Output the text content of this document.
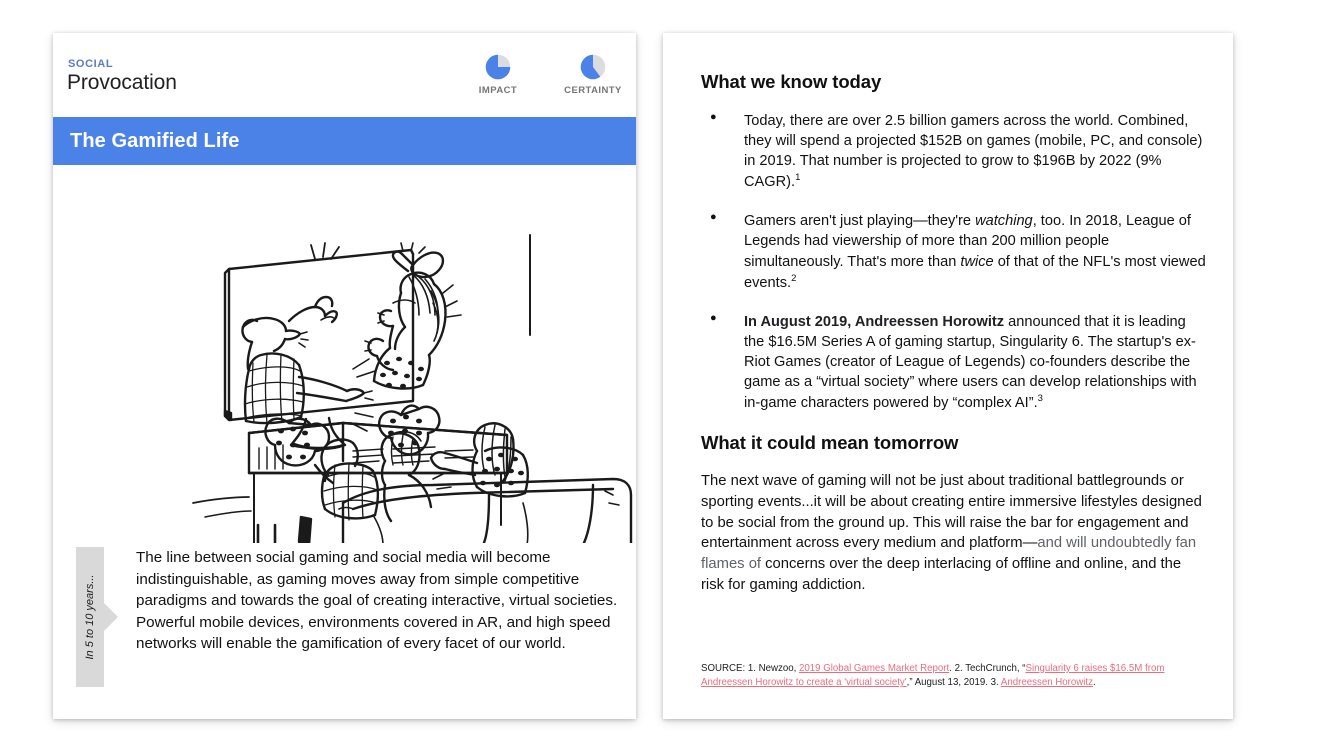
SOCIAL
Provocation	IMPACT	CERTAINTY
The Gamified Life
In 5 to 10 years...
The line between social gaming and social media will become indistinguishable, as gaming moves away from simple competitive paradigms and towards the goal of creating interactive, virtual societies. Powerful mobile devices, environments covered in AR, and high speed networks will enable the gamification of every facet of our world.
What we know today
● Today, there are over 2.5 billion gamers across the world. Combined, they will spend a projected $152B on games (mobile, PC, and console) in 2019. That number is projected to grow to $196B by 2022 (9% CAGR).$^1$
● Gamers aren't just playing—they're watching, too. In 2018, League of Legends had viewership of more than 200 million people simultaneously. That's more than twice of that of the NFL's most viewed events.$^2$
● In August 2019, Andreessen Horowitz announced that it is leading the $16.5M Series A of gaming startup, Singularity 6. The startup's ex-Riot Games (creator of League of Legends) co-founders describe the game as a “virtual society” where users can develop relationships with in-game characters powered by “complex AI”.$^3$
What it could mean tomorrow

The next wave of gaming will not be just about traditional battlegrounds or sporting events...it will be about creating entire immersive lifestyles designed to be social from the ground up. This will raise the bar for engagement and entertainment across every medium and platform—and will undoubtedly fan flames of concerns over the deep interlacing of offline and online, and the risk for gaming addiction.

SOURCE: 1. Newzoo, 2019 Global Games Market Report. 2. TechCrunch, “Singularity 6 raises $16.5M from Andreessen Horowitz to create a 'virtual society',” August 13, 2019. 3. Andreessen Horowitz.
